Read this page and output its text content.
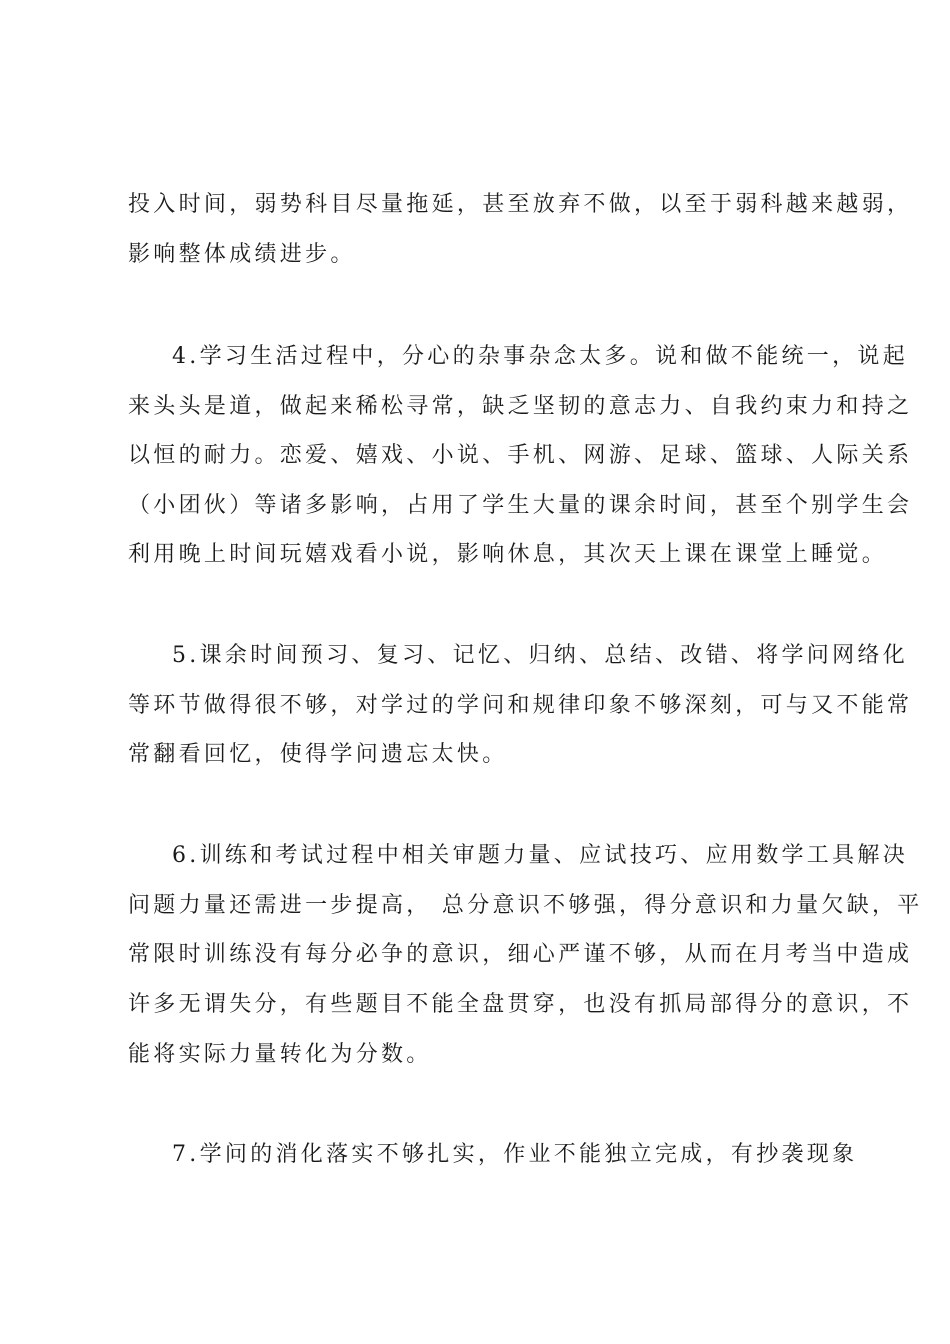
投入时间，弱势科目尽量拖延，甚至放弃不做，以至于弱科越来越弱，

影响整体成绩进步。

4.学习生活过程中，分心的杂事杂念太多。说和做不能统一，说起

来头头是道，做起来稀松寻常，缺乏坚韧的意志力、自我约束力和持之

以恒的耐力。恋爱、嬉戏、小说、手机、网游、足球、篮球、人际关系

（小团伙）等诸多影响，占用了学生大量的课余时间，甚至个别学生会

利用晚上时间玩嬉戏看小说，影响休息，其次天上课在课堂上睡觉。

5.课余时间预习、复习、记忆、归纳、总结、改错、将学问网络化

等环节做得很不够，对学过的学问和规律印象不够深刻，可与又不能常

常翻看回忆，使得学问遗忘太快。

6.训练和考试过程中相关审题力量、应试技巧、应用数学工具解决

问题力量还需进一步提高， 总分意识不够强，得分意识和力量欠缺，平

常限时训练没有每分必争的意识，细心严谨不够，从而在月考当中造成

许多无谓失分，有些题目不能全盘贯穿，也没有抓局部得分的意识，不

能将实际力量转化为分数。

7.学问的消化落实不够扎实，作业不能独立完成，有抄袭现象
